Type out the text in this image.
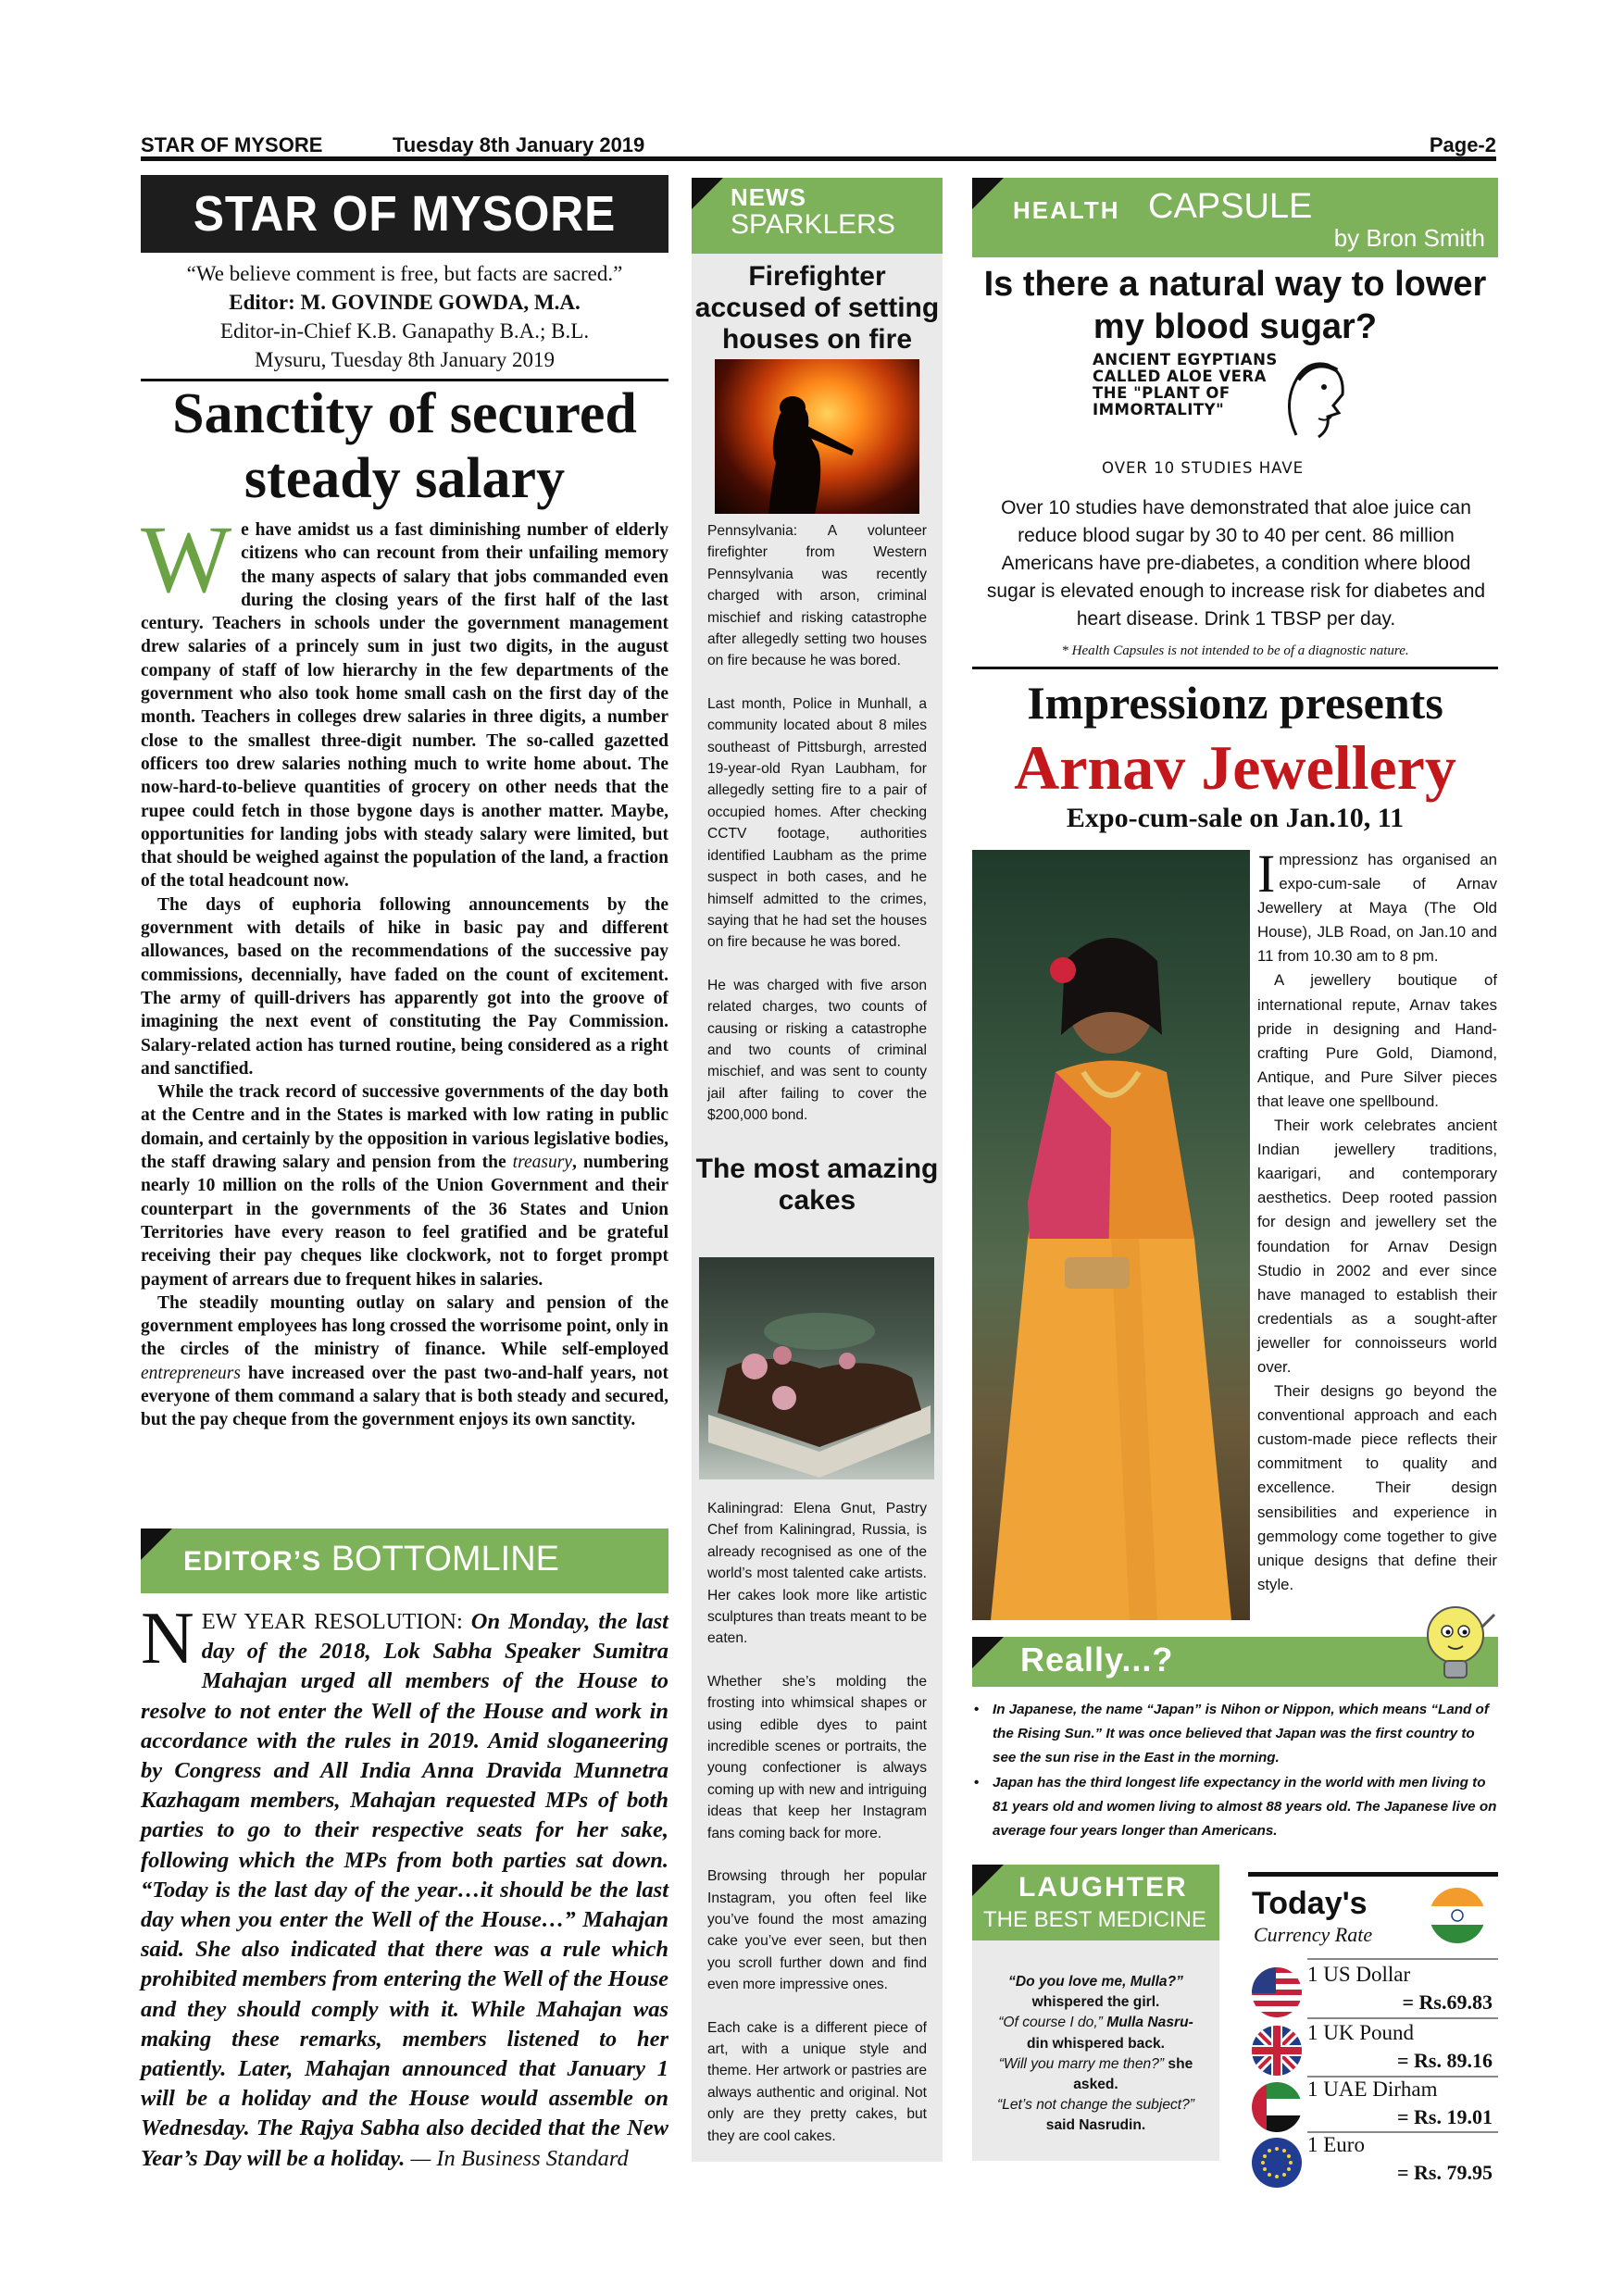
STAR OF MYSORE	Tuesday 8th January 2019	Page-2
STAR OF MYSORE
“We believe comment is free, but facts are sacred.”
Editor: M. GOVINDE GOWDA, M.A.
Editor-in-Chief K.B. Ganapathy B.A.; B.L.
Mysuru, Tuesday 8th January 2019
Sanctity of secured steady salary

We have amidst us a fast diminishing number of elderly citizens who can recount from their unfailing memory the many aspects of salary that jobs commanded even during the closing years of the first half of the last century. Teachers in schools under the government management drew salaries of a princely sum in just two digits, in the august company of staff of low hierarchy in the few departments of the government who also took home small cash on the first day of the month. Teachers in colleges drew salaries in three digits, a number close to the smallest three-digit number. The so-called gazetted officers too drew salaries nothing much to write home about. The now-hard-to-believe quantities of grocery on other needs that the rupee could fetch in those bygone days is another matter. Maybe, opportunities for landing jobs with steady salary were limited, but that should be weighed against the population of the land, a fraction of the total headcount now.

The days of euphoria following announcements by the government with details of hike in basic pay and different allowances, based on the recommendations of the successive pay commissions, decennially, have faded on the count of excitement. The army of quill-drivers has apparently got into the groove of imagining the next event of constituting the Pay Commission. Salary-related action has turned routine, being considered as a right and sanctified.

While the track record of successive governments of the day both at the Centre and in the States is marked with low rating in public domain, and certainly by the opposition in various legislative bodies, the staff drawing salary and pension from the treasury, numbering nearly 10 million on the rolls of the Union Government and their counterpart in the governments of the 36 States and Union Territories have every reason to feel gratified and be grateful receiving their pay cheques like clockwork, not to forget prompt payment of arrears due to frequent hikes in salaries.

The steadily mounting outlay on salary and pension of the government employees has long crossed the worrisome point, only in the circles of the ministry of finance. While self-employed entrepreneurs have increased over the past two-and-half years, not everyone of them command a salary that is both steady and secured, but the pay cheque from the government enjoys its own sanctity.

EDITOR’S BOTTOMLINE
NEW YEAR RESOLUTION: On Monday, the last day of the 2018, Lok Sabha Speaker Sumitra Mahajan urged all members of the House to resolve to not enter the Well of the House and work in accordance with the rules in 2019. Amid sloganeering by Congress and All India Anna Dravida Munnetra Kazhagam members, Mahajan requested MPs of both parties to go to their respective seats for her sake, following which the MPs from both parties sat down. “Today is the last day of the year…it should be the last day when you enter the Well of the House…” Mahajan said. She also indicated that there was a rule which prohibited members from entering the Well of the House and they should comply with it. While Mahajan was making these remarks, members listened to her patiently. Later, Mahajan announced that January 1 will be a holiday and the House would assemble on Wednesday. The Rajya Sabha also decided that the New Year’s Day will be a holiday. — In Business Standard
NEWS
SPARKLERS
Firefighter accused of setting houses on fire

Pennsylvania: A volunteer firefighter from Western Pennsylvania was recently charged with arson, criminal mischief and risking catastrophe after allegedly setting two houses on fire because he was bored.

Last month, Police in Munhall, a community located about 8 miles southeast of Pittsburgh, arrested 19-year-old Ryan Laubham, for allegedly setting fire to a pair of occupied homes. After checking CCTV footage, authorities identified Laubham as the prime suspect in both cases, and he himself admitted to the crimes, saying that he had set the houses on fire because he was bored.

He was charged with five arson related charges, two counts of causing or risking a catastrophe and two counts of criminal mischief, and was sent to county jail after failing to cover the $200,000 bond.

The most amazing cakes

Kaliningrad: Elena Gnut, Pastry Chef from Kaliningrad, Russia, is already recognised as one of the world’s most talented cake artists. Her cakes look more like artistic sculptures than treats meant to be eaten.

Whether she’s molding the frosting into whimsical shapes or using edible dyes to paint incredible scenes or portraits, the young confectioner is always coming up with new and intriguing ideas that keep her Instagram fans coming back for more.

Browsing through her popular Instagram, you often feel like you’ve found the most amazing cake you’ve ever seen, but then you scroll further down and find even more impressive ones.

Each cake is a different piece of art, with a unique style and theme. Her artwork or pastries are always authentic and original. Not only are they pretty cakes, but they are cool cakes.

HEALTH CAPSULE
by Bron Smith
Is there a natural way to lower my blood sugar?
ANCIENT EGYPTIANS
CALLED ALOE VERA
THE "PLANT OF
IMMORTALITY"
OVER 10 STUDIES HAVE
Over 10 studies have demonstrated that aloe juice can reduce blood sugar by 30 to 40 per cent. 86 million Americans have pre-diabetes, a condition where blood sugar is elevated enough to increase risk for diabetes and heart disease. Drink 1 TBSP per day.
* Health Capsules is not intended to be of a diagnostic nature.
Impressionz presents
Arnav Jewellery
Expo-cum-sale on Jan.10, 11

Impressionz has organised an expo-cum-sale of Arnav Jewellery at Maya (The Old House), JLB Road, on Jan.10 and 11 from 10.30 am to 8 pm.

A jewellery boutique of international repute, Arnav takes pride in designing and Hand-crafting Pure Gold, Diamond, Antique, and Pure Silver pieces that leave one spellbound.

Their work celebrates ancient Indian jewellery traditions, kaarigari, and contemporary aesthetics. Deep rooted passion for design and jewellery set the foundation for Arnav Design Studio in 2002 and ever since have managed to establish their credentials as a sought-after jeweller for connoisseurs world over.

Their designs go beyond the conventional approach and each custom-made piece reflects their commitment to quality and excellence. Their design sensibilities and experience in gemmology come together to give unique designs that define their style.

Really...?
• In Japanese, the name “Japan” is Nihon or Nippon, which means “Land of the Rising Sun.” It was once believed that Japan was the first country to see the sun rise in the East in the morning.
• Japan has the third longest life expectancy in the world with men living to 81 years old and women living to almost 88 years old. The Japanese live on average four years longer than Americans.
LAUGHTER
THE BEST MEDICINE
“Do you love me, Mulla?”
whispered the girl.
“Of course I do,” Mulla Nasru-
din whispered back.
“Will you marry me then?” she
asked.
“Let’s not change the subject?”
said Nasrudin.
Today's
Currency Rate
1 US Dollar
= Rs.69.83
1 UK Pound
= Rs. 89.16
1 UAE Dirham
= Rs. 19.01
1 Euro
= Rs. 79.95
